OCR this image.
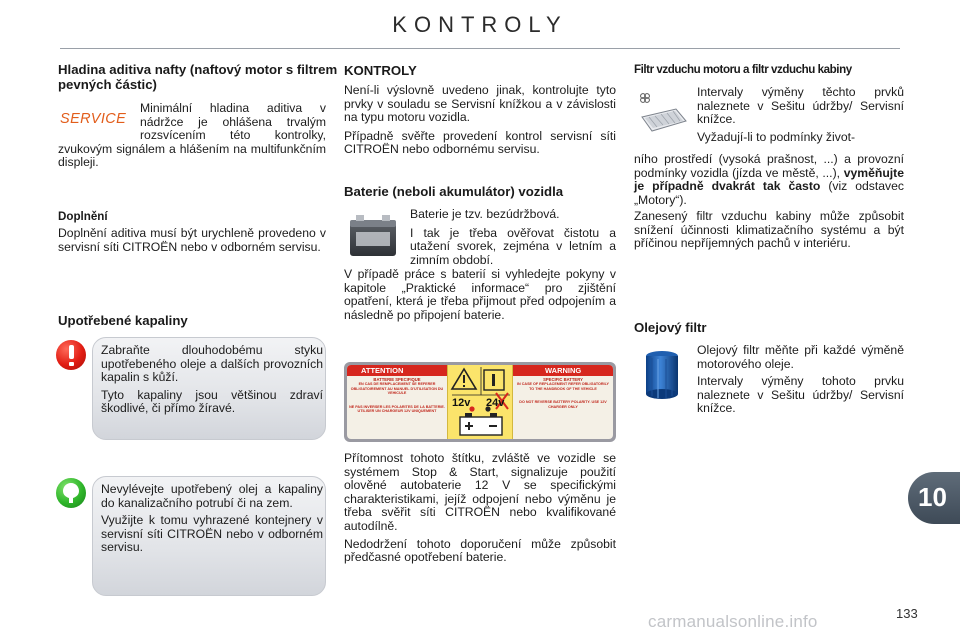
KONTROLY
Hladina aditiva nafty (naftový motor s filtrem pevných částic)
Minimální hladina aditiva v nádržce je ohlášena trvalým rozsvícením této kontrolky, zvukovým signálem a hlášením na multifunkčním displeji.
SERVICE
Doplnění
Doplnění aditiva musí být urychleně provedeno v servisní síti CITROËN nebo v odborném servisu.
Upotřebené kapaliny
Zabraňte dlouhodobému styku upotřebeného oleje a dalších provozních kapalin s kůží.
Tyto kapaliny jsou většinou zdraví škodlivé, či přímo žíravé.
Nevylévejte upotřebený olej a kapaliny do kanalizačního potrubí či na zem.
Využijte k tomu vyhrazené kontejnery v servisní síti CITROËN nebo v odborném servisu.
KONTROLY
Není-li výslovně uvedeno jinak, kontrolujte tyto prvky v souladu se Servisní knížkou a v závislosti na typu motoru vozidla.
Případně svěřte provedení kontrol servisní síti CITROËN nebo odbornému servisu.
Baterie (neboli akumulátor) vozidla
Baterie je tzv. bezúdržbová.
I tak je třeba ověřovat čistotu a utažení svorek, zejména v letním a zimním období.
V případě práce s baterií si vyhledejte pokyny v kapitole „Praktické informace“ pro zjištění opatření, která je třeba přijmout před odpojením a následně po připojení baterie.
ATTENTION	WARNING
BATTERIE SPECIFIQUE
EN CAS DE REMPLACEMENT SE REFERER OBLIGATOIREMENT AU MANUEL D'UTILISATION DU VEHICULE
NE PAS INVERSER LES POLARITES DE LA BATTERIE. UTILISER UN CHARGEUR 12V UNIQUEMENT
12v 24v
SPECIFIC BATTERY
IN CASE OF REPLACEMENT REFER OBLIGATORILY TO THE HANDBOOK OF THE VEHICLE
DO NOT REVERSE BATTERY POLARITY. USE 12V CHARGER ONLY
Přítomnost tohoto štítku, zvláště ve vozidle se systémem Stop & Start, signalizuje použití olověné autobaterie 12 V se specifickými charakteristikami, jejíž odpojení nebo výměnu je třeba svěřit síti CITROËN nebo kvalifikované autodílně.
Nedodržení tohoto doporučení může způsobit předčasné opotřebení baterie.
Filtr vzduchu motoru a filtr vzduchu kabiny
Intervaly výměny těchto prvků naleznete v Sešitu údržby/ Servisní knížce.
Vyžadují-li to podmínky život-
ního prostředí (vysoká prašnost, ...) a provozní podmínky vozidla (jízda ve městě, ...), vyměňujte je případně dvakrát tak často (viz odstavec „Motory“).
Zanesený filtr vzduchu kabiny může způsobit snížení účinnosti klimatizačního systému a být příčinou nepříjemných pachů v interiéru.
Olejový filtr
Olejový filtr měňte při každé výměně motorového oleje.
Intervaly výměny tohoto prvku naleznete v Sešitu údržby/ Servisní knížce.
10
carmanualsonline.info	133
